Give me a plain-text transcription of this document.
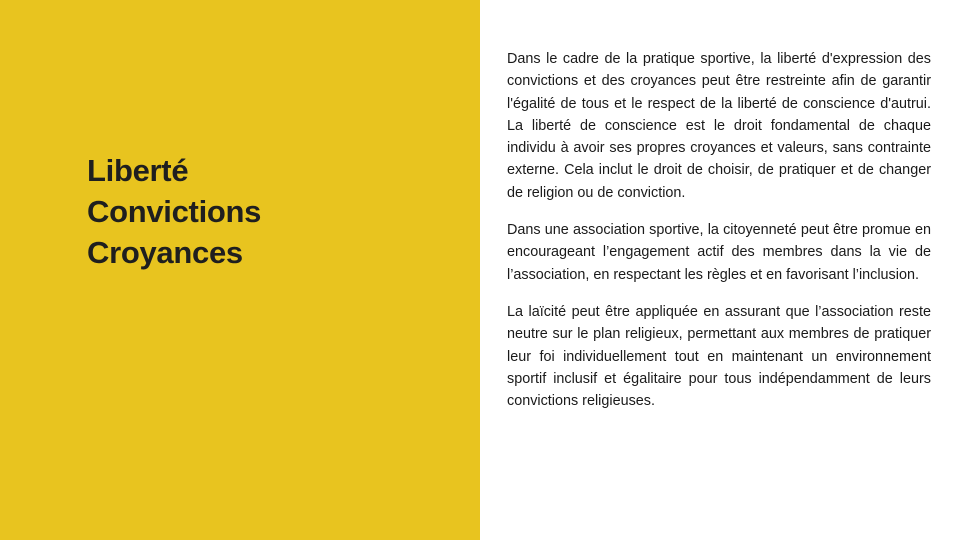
Liberté
Convictions
Croyances

Dans le cadre de la pratique sportive, la liberté d'expression des convictions et des croyances peut être restreinte afin de garantir l'égalité de tous et le respect de la liberté de conscience d'autrui. La liberté de conscience est le droit fondamental de chaque individu à avoir ses propres croyances et valeurs, sans contrainte externe. Cela inclut le droit de choisir, de pratiquer et de changer de religion ou de conviction.

Dans une association sportive, la citoyenneté peut être promue en encourageant l’engagement actif des membres dans la vie de l’association, en respectant les règles et en favorisant l’inclusion.

La laïcité peut être appliquée en assurant que l’association reste neutre sur le plan religieux, permettant aux membres de pratiquer leur foi individuellement tout en maintenant un environnement sportif inclusif et égalitaire pour tous indépendamment de leurs convictions religieuses.
